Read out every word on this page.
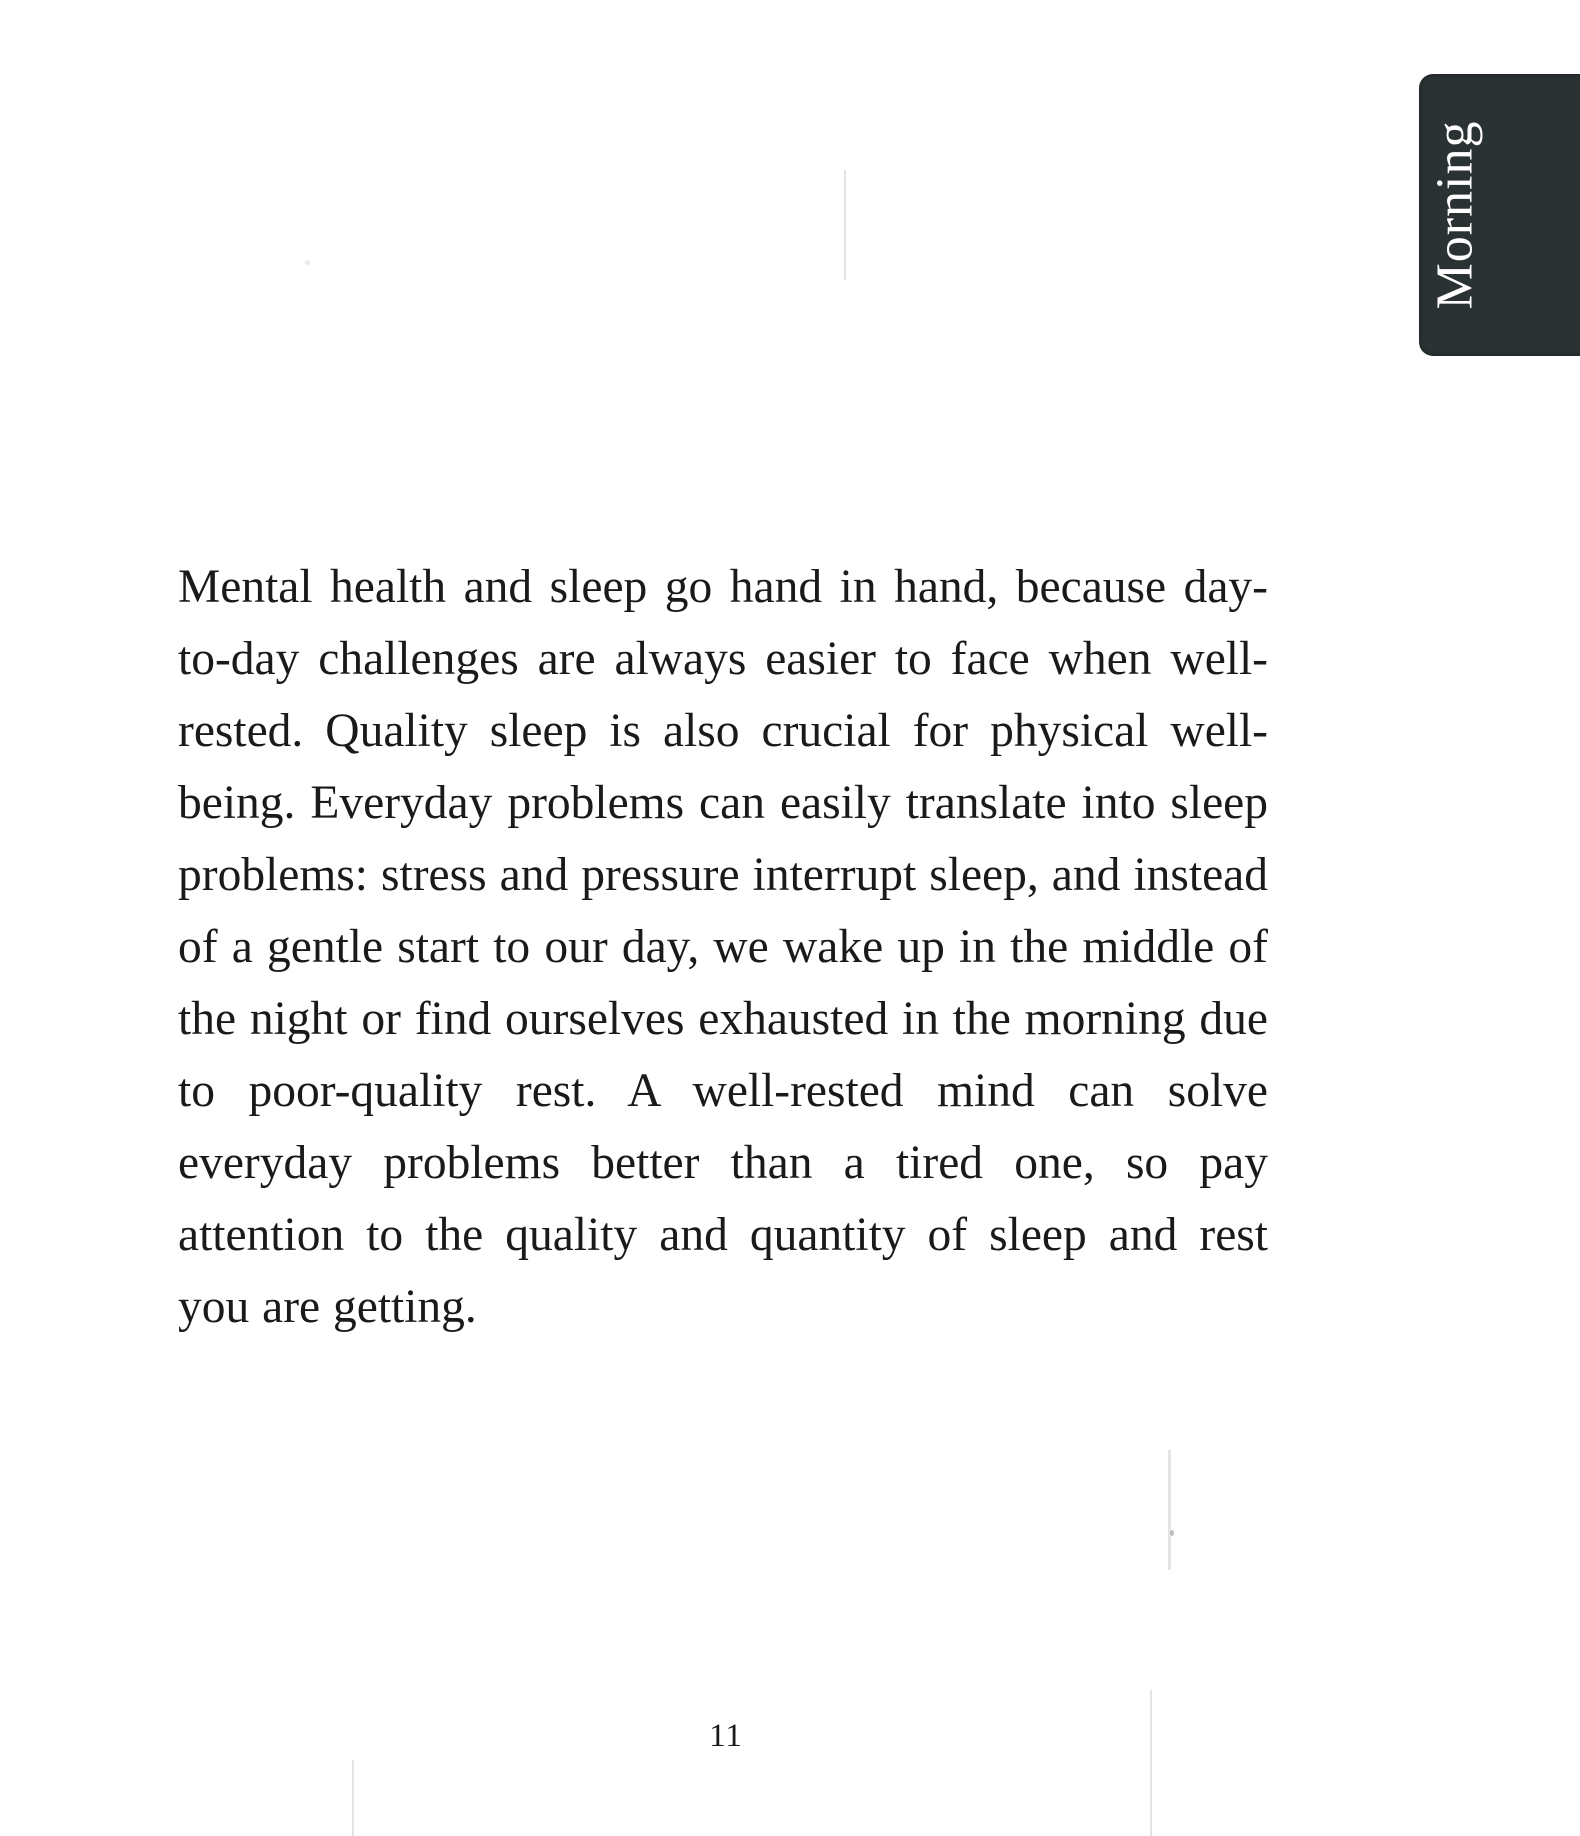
Morning

Mental health and sleep go hand in hand, because day-to-day challenges are always easier to face when well-rested. Quality sleep is also crucial for physical well-being. Everyday problems can easily translate into sleep problems: stress and pressure interrupt sleep, and instead of a gentle start to our day, we wake up in the middle of the night or find ourselves exhausted in the morning due to poor-quality rest. A well-rested mind can solve everyday problems better than a tired one, so pay attention to the quality and quantity of sleep and rest you are getting.

11
